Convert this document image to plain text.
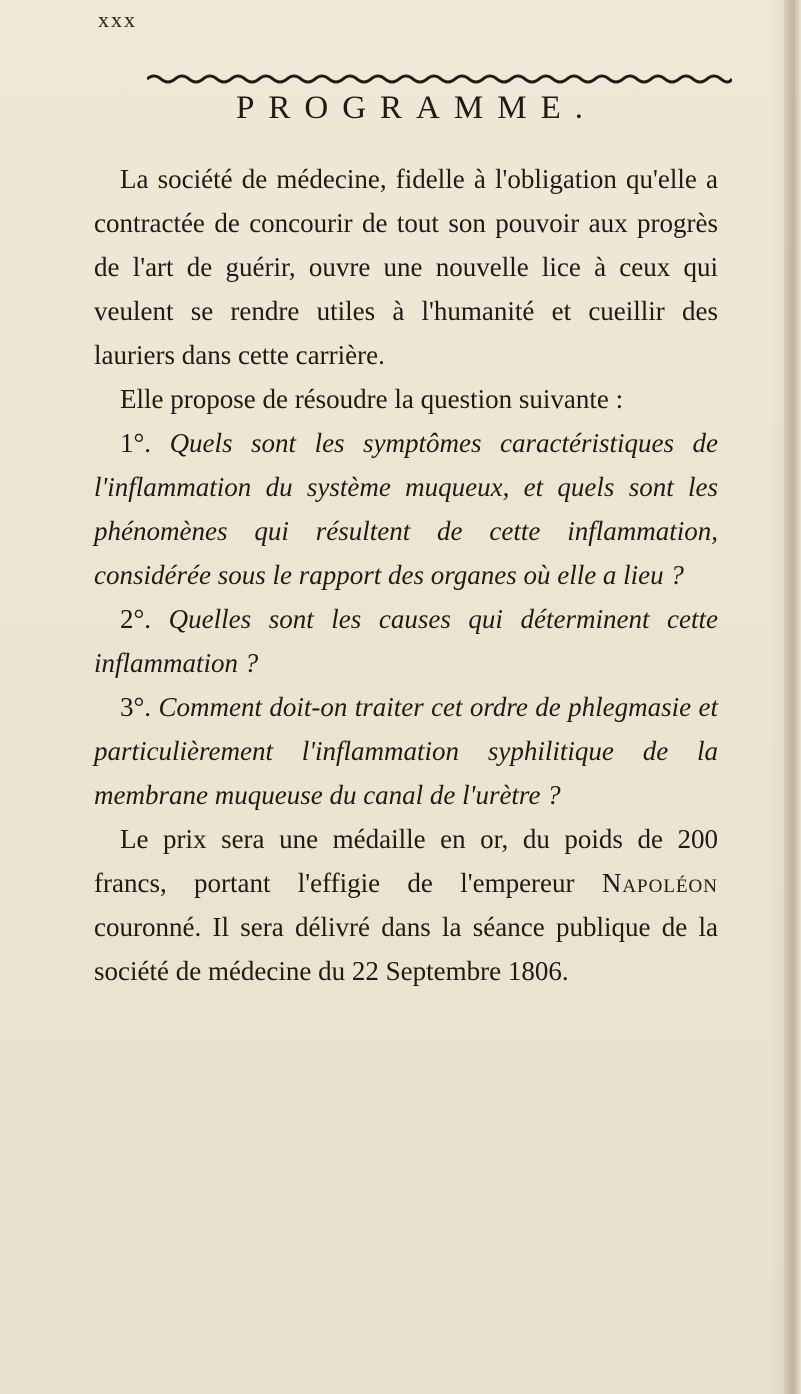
xxx
PROGRAMME.

La société de médecine, fidelle à l'obligation qu'elle a contractée de concourir de tout son pouvoir aux progrès de l'art de guérir, ouvre une nouvelle lice à ceux qui veulent se rendre utiles à l'humanité et cueillir des lauriers dans cette carrière.

Elle propose de résoudre la question suivante :

1°. Quels sont les symptômes caractéristiques de l'inflammation du système muqueux, et quels sont les phénomènes qui résultent de cette inflammation, considérée sous le rapport des organes où elle a lieu ?

2°. Quelles sont les causes qui déterminent cette inflammation ?

3°. Comment doit-on traiter cet ordre de phlegmasie et particulièrement l'inflammation syphilitique de la membrane muqueuse du canal de l'urètre ?

Le prix sera une médaille en or, du poids de 200 francs, portant l'effigie de l'empereur Napoléon couronné. Il sera délivré dans la séance publique de la société de médecine du 22 Septembre 1806.
